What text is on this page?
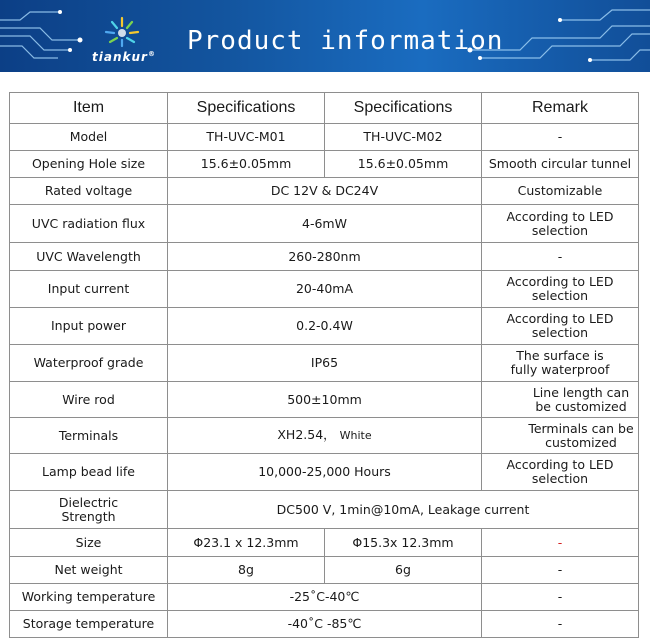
tiankur®	Product information
Item	Specifications	Specifications	Remark
Model	TH-UVC-M01	TH-UVC-M02	-
Opening Hole size	15.6±0.05mm	15.6±0.05mm	Smooth circular tunnel
Rated voltage	DC 12V & DC24V		Customizable
UVC radiation flux	4-6mW		According to LED
selection

UVC Wavelength	260-280nm		-
Input current	20-40mA		According to LED
selection

Input power	0.2-0.4W		According to LED
selection

Waterproof grade	IP65		The surface is
fully waterproof

Wire rod	500±10mm		Line length can
be customized

Terminals	XH2.54， White		Terminals can be
customized

Lamp bead life	10,000-25,000 Hours		According to LED
selection

Dielectric
Strength	DC500 V, 1min@10mA, Leakage current		
Size	Φ23.1 x 12.3mm	Φ15.3x 12.3mm	-
Net weight	8g	6g	-
Working temperature	-25˚C-40℃		-
Storage temperature	-40˚C -85℃		-
